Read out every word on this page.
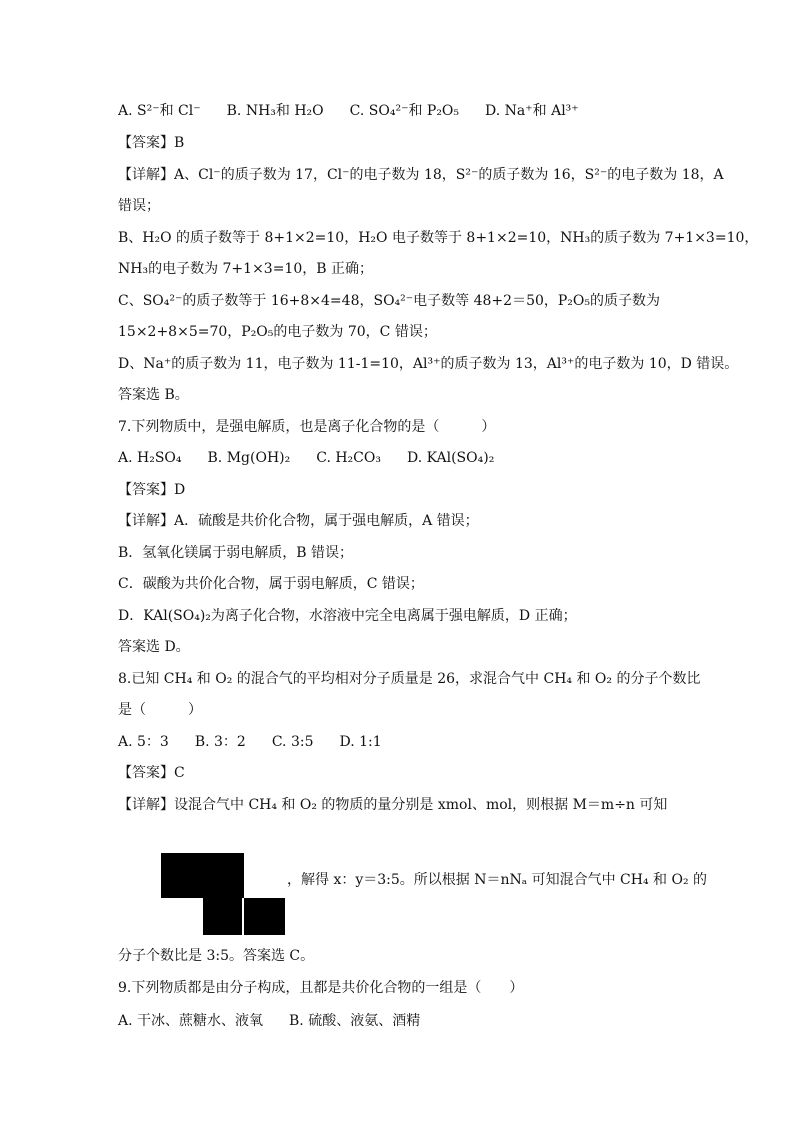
A. S²⁻和 Cl⁻ B. NH₃和 H₂O C. SO₄²⁻和 P₂O₅ D. Na⁺和 Al³⁺
【答案】B
【详解】A、Cl⁻的质子数为 17，Cl⁻的电子数为 18，S²⁻的质子数为 16，S²⁻的电子数为 18，A
错误；
B、H₂O 的质子数等于 8+1×2=10，H₂O 电子数等于 8+1×2=10，NH₃的质子数为 7+1×3=10，
NH₃的电子数为 7+1×3=10，B 正确；
C、SO₄²⁻的质子数等于 16+8×4=48，SO₄²⁻电子数等 48+2＝50，P₂O₅的质子数为
15×2+8×5=70，P₂O₅的电子数为 70，C 错误；
D、Na⁺的质子数为 11，电子数为 11-1=10，Al³⁺的质子数为 13，Al³⁺的电子数为 10，D 错误。
答案选 B。
7.下列物质中，是强电解质，也是离子化合物的是（　　　）
A. H₂SO₄ B. Mg(OH)₂ C. H₂CO₃ D. KAl(SO₄)₂
【答案】D
【详解】A．硫酸是共价化合物，属于强电解质，A 错误；
B．氢氧化镁属于弱电解质，B 错误；
C．碳酸为共价化合物，属于弱电解质，C 错误；
D．KAl(SO₄)₂为离子化合物，水溶液中完全电离属于强电解质，D 正确；
答案选 D。
8.已知 CH₄ 和 O₂ 的混合气的平均相对分子质量是 26，求混合气中 CH₄ 和 O₂ 的分子个数比
是（　　　）
A. 5：3 B. 3：2 C. 3:5 D. 1:1
【答案】C
【详解】设混合气中 CH₄ 和 O₂ 的物质的量分别是 xmol、mol，则根据 M＝m÷n 可知
，解得 x：y＝3:5。所以根据 N＝nNₐ 可知混合气中 CH₄ 和 O₂ 的
分子个数比是 3:5。答案选 C。
9.下列物质都是由分子构成，且都是共价化合物的一组是（　　）
A. 干冰、蔗糖水、液氧 B. 硫酸、液氨、酒精
